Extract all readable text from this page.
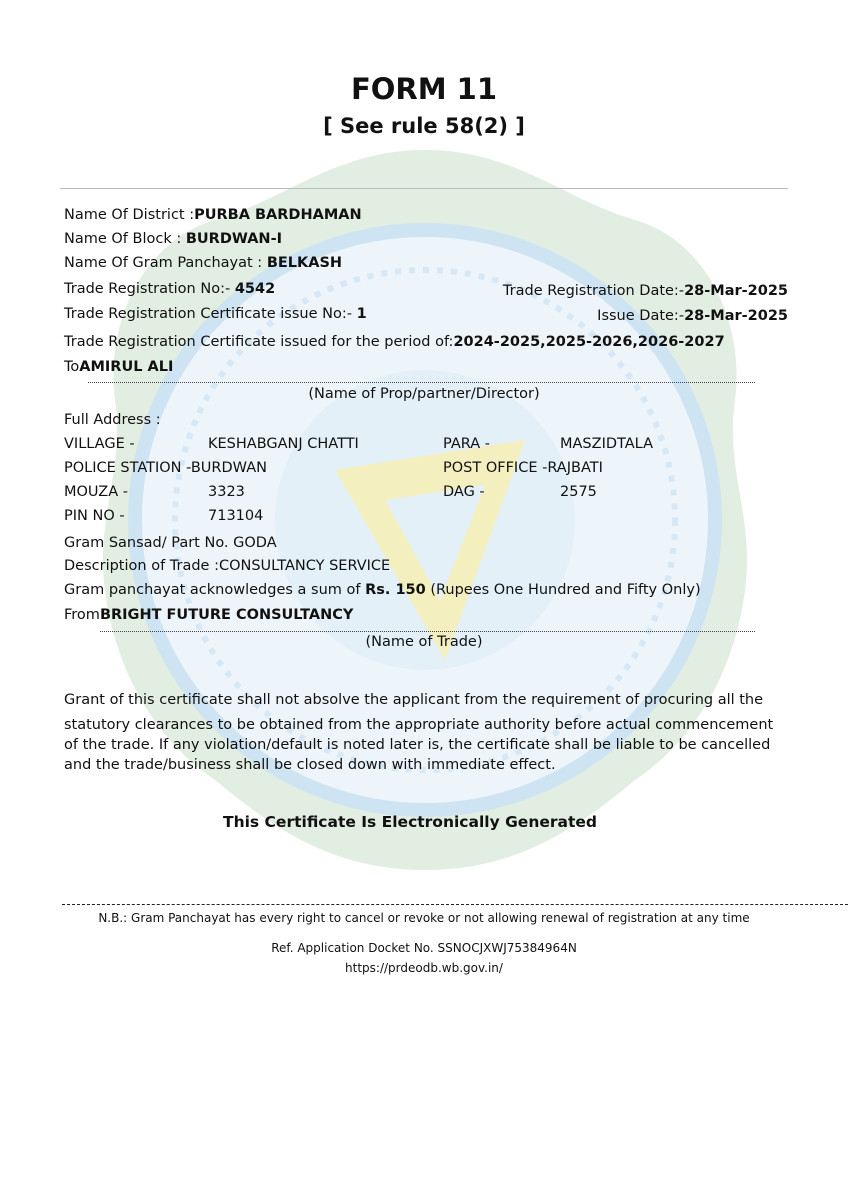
FORM 11
[ See rule 58(2) ]
Name Of District :PURBA BARDHAMAN
Name Of Block : BURDWAN-I
Name Of Gram Panchayat : BELKASH
Trade Registration No:- 4542	Trade Registration Date:-28-Mar-2025
Trade Registration Certificate issue No:- 1	Issue Date:-28-Mar-2025
Trade Registration Certificate issued for the period of:2024-2025,2025-2026,2026-2027
ToAMIRUL ALI
(Name of Prop/partner/Director)
Full Address :
VILLAGE -	KESHABGANJ CHATTI	PARA -	MASZIDTALA
POLICE STATION -BURDWAN	POST OFFICE -RAJBATI
MOUZA -	3323	DAG -	2575
PIN NO -	713104
Gram Sansad/ Part No. GODA
Description of Trade :CONSULTANCY SERVICE
Gram panchayat acknowledges a sum of Rs. 150 (Rupees One Hundred and Fifty Only)
FromBRIGHT FUTURE CONSULTANCY
(Name of Trade)
Grant of this certificate shall not absolve the applicant from the requirement of procuring all the
statutory clearances to be obtained from the appropriate authority before actual commencement of the trade. If any violation/default is noted later is, the certificate shall be liable to be cancelled and the trade/business shall be closed down with immediate effect.
This Certificate Is Electronically Generated
N.B.: Gram Panchayat has every right to cancel or revoke or not allowing renewal of registration at any time
Ref. Application Docket No. SSNOCJXWJ75384964N
https://prdeodb.wb.gov.in/
